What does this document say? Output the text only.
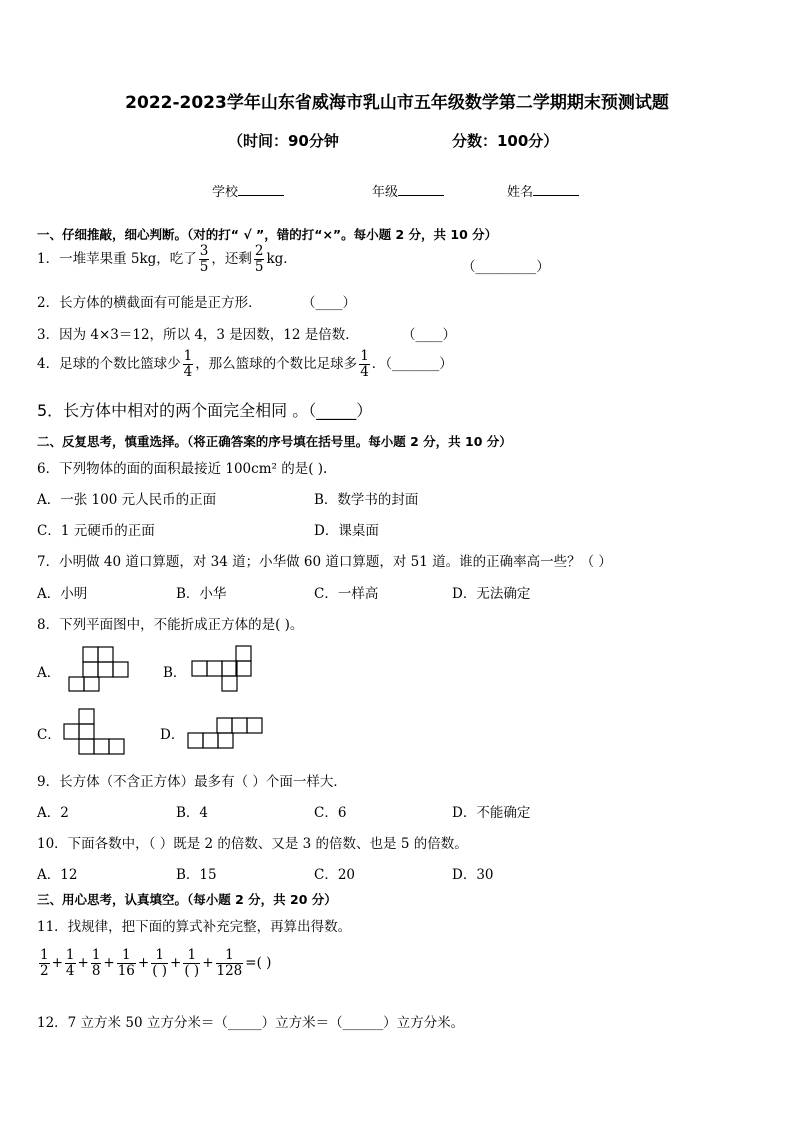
2022-2023学年山东省威海市乳山市五年级数学第二学期期末预测试题
（时间：90分钟	分数：100分）
学校	年级	姓名
一、仔细推敲，细心判断。（对的打“ √ ”，错的打“×”。每小题 2 分，共 10 分）
1．一堆苹果重 5kg，吃了 $\frac{3}{5}$ ，还剩 $\frac{2}{5}$ kg．	（_________）
2．长方体的横截面有可能是正方形．	（____）
3．因为 4×3＝12，所以 4，3 是因数，12 是倍数．	（____）
4．足球的个数比篮球少 $\frac{1}{4}$ ，那么篮球的个数比足球多 $\frac{1}{4}$ ．（_______）
5．长方体中相对的两个面完全相同 。（_____）
二、反复思考，慎重选择。（将正确答案的序号填在括号里。每小题 2 分，共 10 分）
6．下列物体的面的面积最接近 100cm² 的是( ).
A．一张 100 元人民币的正面	B．数学书的封面
C．1 元硬币的正面	D．课桌面
7．小明做 40 道口算题，对 34 道；小华做 60 道口算题，对 51 道。谁的正确率高一些？（ ）
A．小明	B．小华	C．一样高	D．无法确定
8．下列平面图中，不能折成正方体的是( )。
A．	B．
C．	D．
9．长方体（不含正方体）最多有（ ）个面一样大．
A．2	B．4	C．6	D．不能确定
10．下面各数中，（ ）既是 2 的倍数、又是 3 的倍数、也是 5 的倍数。
A．12	B．15	C．20	D．30
三、用心思考，认真填空。（每小题 2 分，共 20 分）
11．找规律，把下面的算式补充完整，再算出得数。
$\frac{1}{2} + \frac{1}{4} + \frac{1}{8} + \frac{1}{16} + \frac{1}{( )} + \frac{1}{( )} + \frac{1}{128}$ =( )
12．7 立方米 50 立方分米＝（_____）立方米＝（______）立方分米。
